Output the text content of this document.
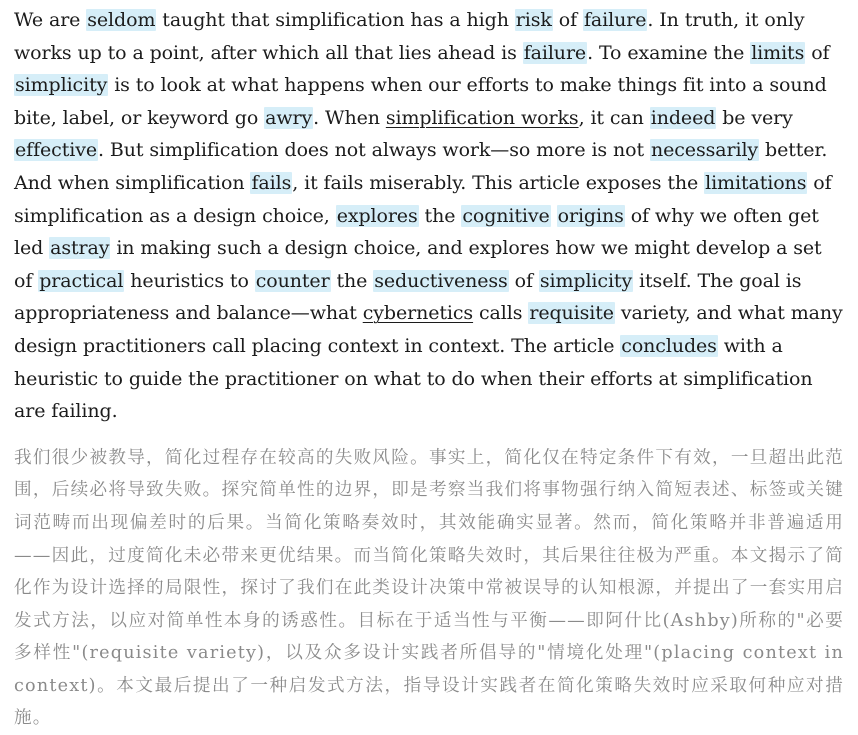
We are seldom taught that simplification has a high risk of failure. In truth, it only works up to a point, after which all that lies ahead is failure. To examine the limits of simplicity is to look at what happens when our efforts to make things fit into a sound bite, label, or keyword go awry. When simplification works, it can indeed be very effective. But simplification does not always work—so more is not necessarily better. And when simplification fails, it fails miserably. This article exposes the limitations of simplification as a design choice, explores the cognitive origins of why we often get led astray in making such a design choice, and explores how we might develop a set of practical heuristics to counter the seductiveness of simplicity itself. The goal is appropriateness and balance—what cybernetics calls requisite variety, and what many design practitioners call placing context in context. The article concludes with a heuristic to guide the practitioner on what to do when their efforts at simplification are failing.

我们很少被教导，简化过程存在较高的失败风险。事实上，简化仅在特定条件下有效，一旦超出此范围，后续必将导致失败。探究简单性的边界，即是考察当我们将事物强行纳入简短表述、标签或关键词范畴而出现偏差时的后果。当简化策略奏效时，其效能确实显著。然而，简化策略并非普遍适用——因此，过度简化未必带来更优结果。而当简化策略失效时，其后果往往极为严重。本文揭示了简化作为设计选择的局限性，探讨了我们在此类设计决策中常被误导的认知根源，并提出了一套实用启发式方法，以应对简单性本身的诱惑性。目标在于适当性与平衡——即阿什比(Ashby)所称的"必要多样性"(requisite variety)，以及众多设计实践者所倡导的"情境化处理"(placing context in context)。本文最后提出了一种启发式方法，指导设计实践者在简化策略失效时应采取何种应对措施。
